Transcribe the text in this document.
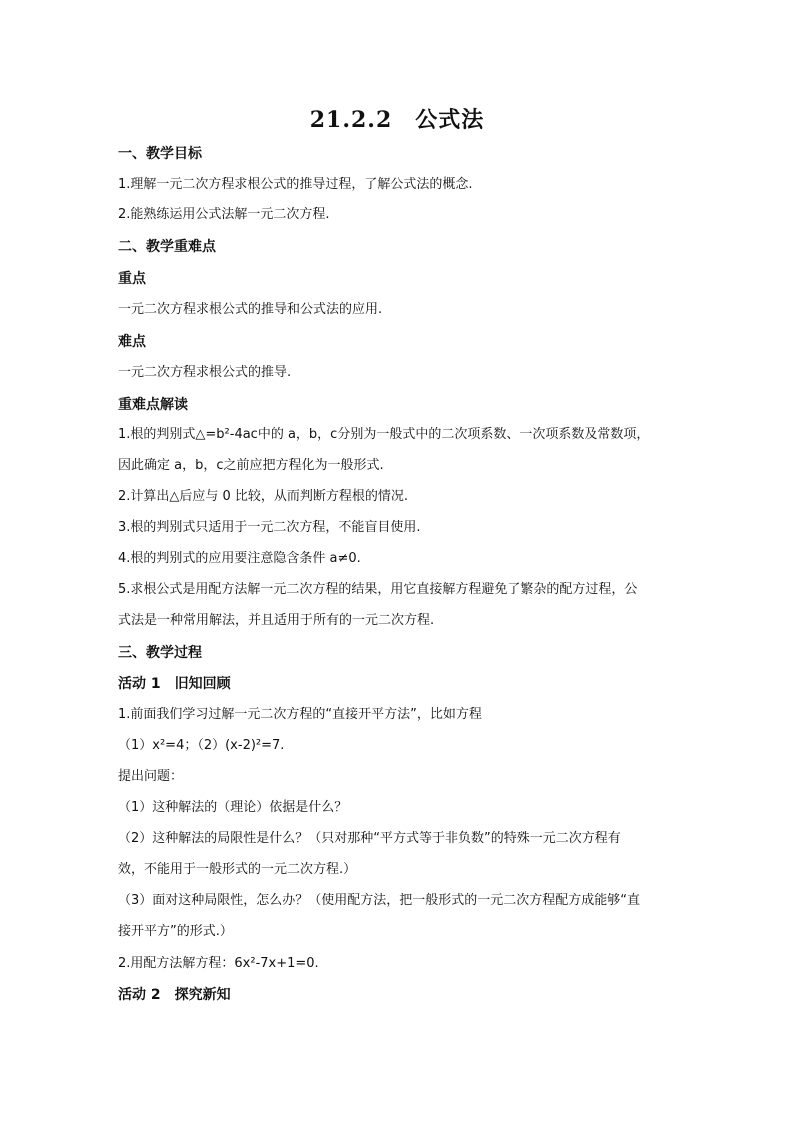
21.2.2　公式法
一、教学目标
1.理解一元二次方程求根公式的推导过程，了解公式法的概念.
2.能熟练运用公式法解一元二次方程.
二、教学重难点
重点
一元二次方程求根公式的推导和公式法的应用.
难点
一元二次方程求根公式的推导.
重难点解读
1.根的判别式△=b²-4ac中的 a，b，c分别为一般式中的二次项系数、一次项系数及常数项，
因此确定 a，b，c之前应把方程化为一般形式.
2.计算出△后应与 0 比较，从而判断方程根的情况.
3.根的判别式只适用于一元二次方程，不能盲目使用.
4.根的判别式的应用要注意隐含条件 a≠0.
5.求根公式是用配方法解一元二次方程的结果，用它直接解方程避免了繁杂的配方过程，公
式法是一种常用解法，并且适用于所有的一元二次方程.
三、教学过程
活动 1　旧知回顾
1.前面我们学习过解一元二次方程的“直接开平方法”，比如方程
（1）x²=4；（2）(x-2)²=7.
提出问题：
（1）这种解法的（理论）依据是什么？
（2）这种解法的局限性是什么？（只对那种“平方式等于非负数”的特殊一元二次方程有
效，不能用于一般形式的一元二次方程.）
（3）面对这种局限性，怎么办？（使用配方法，把一般形式的一元二次方程配方成能够“直
接开平方”的形式.）
2.用配方法解方程：6x²-7x+1=0.
活动 2　探究新知
